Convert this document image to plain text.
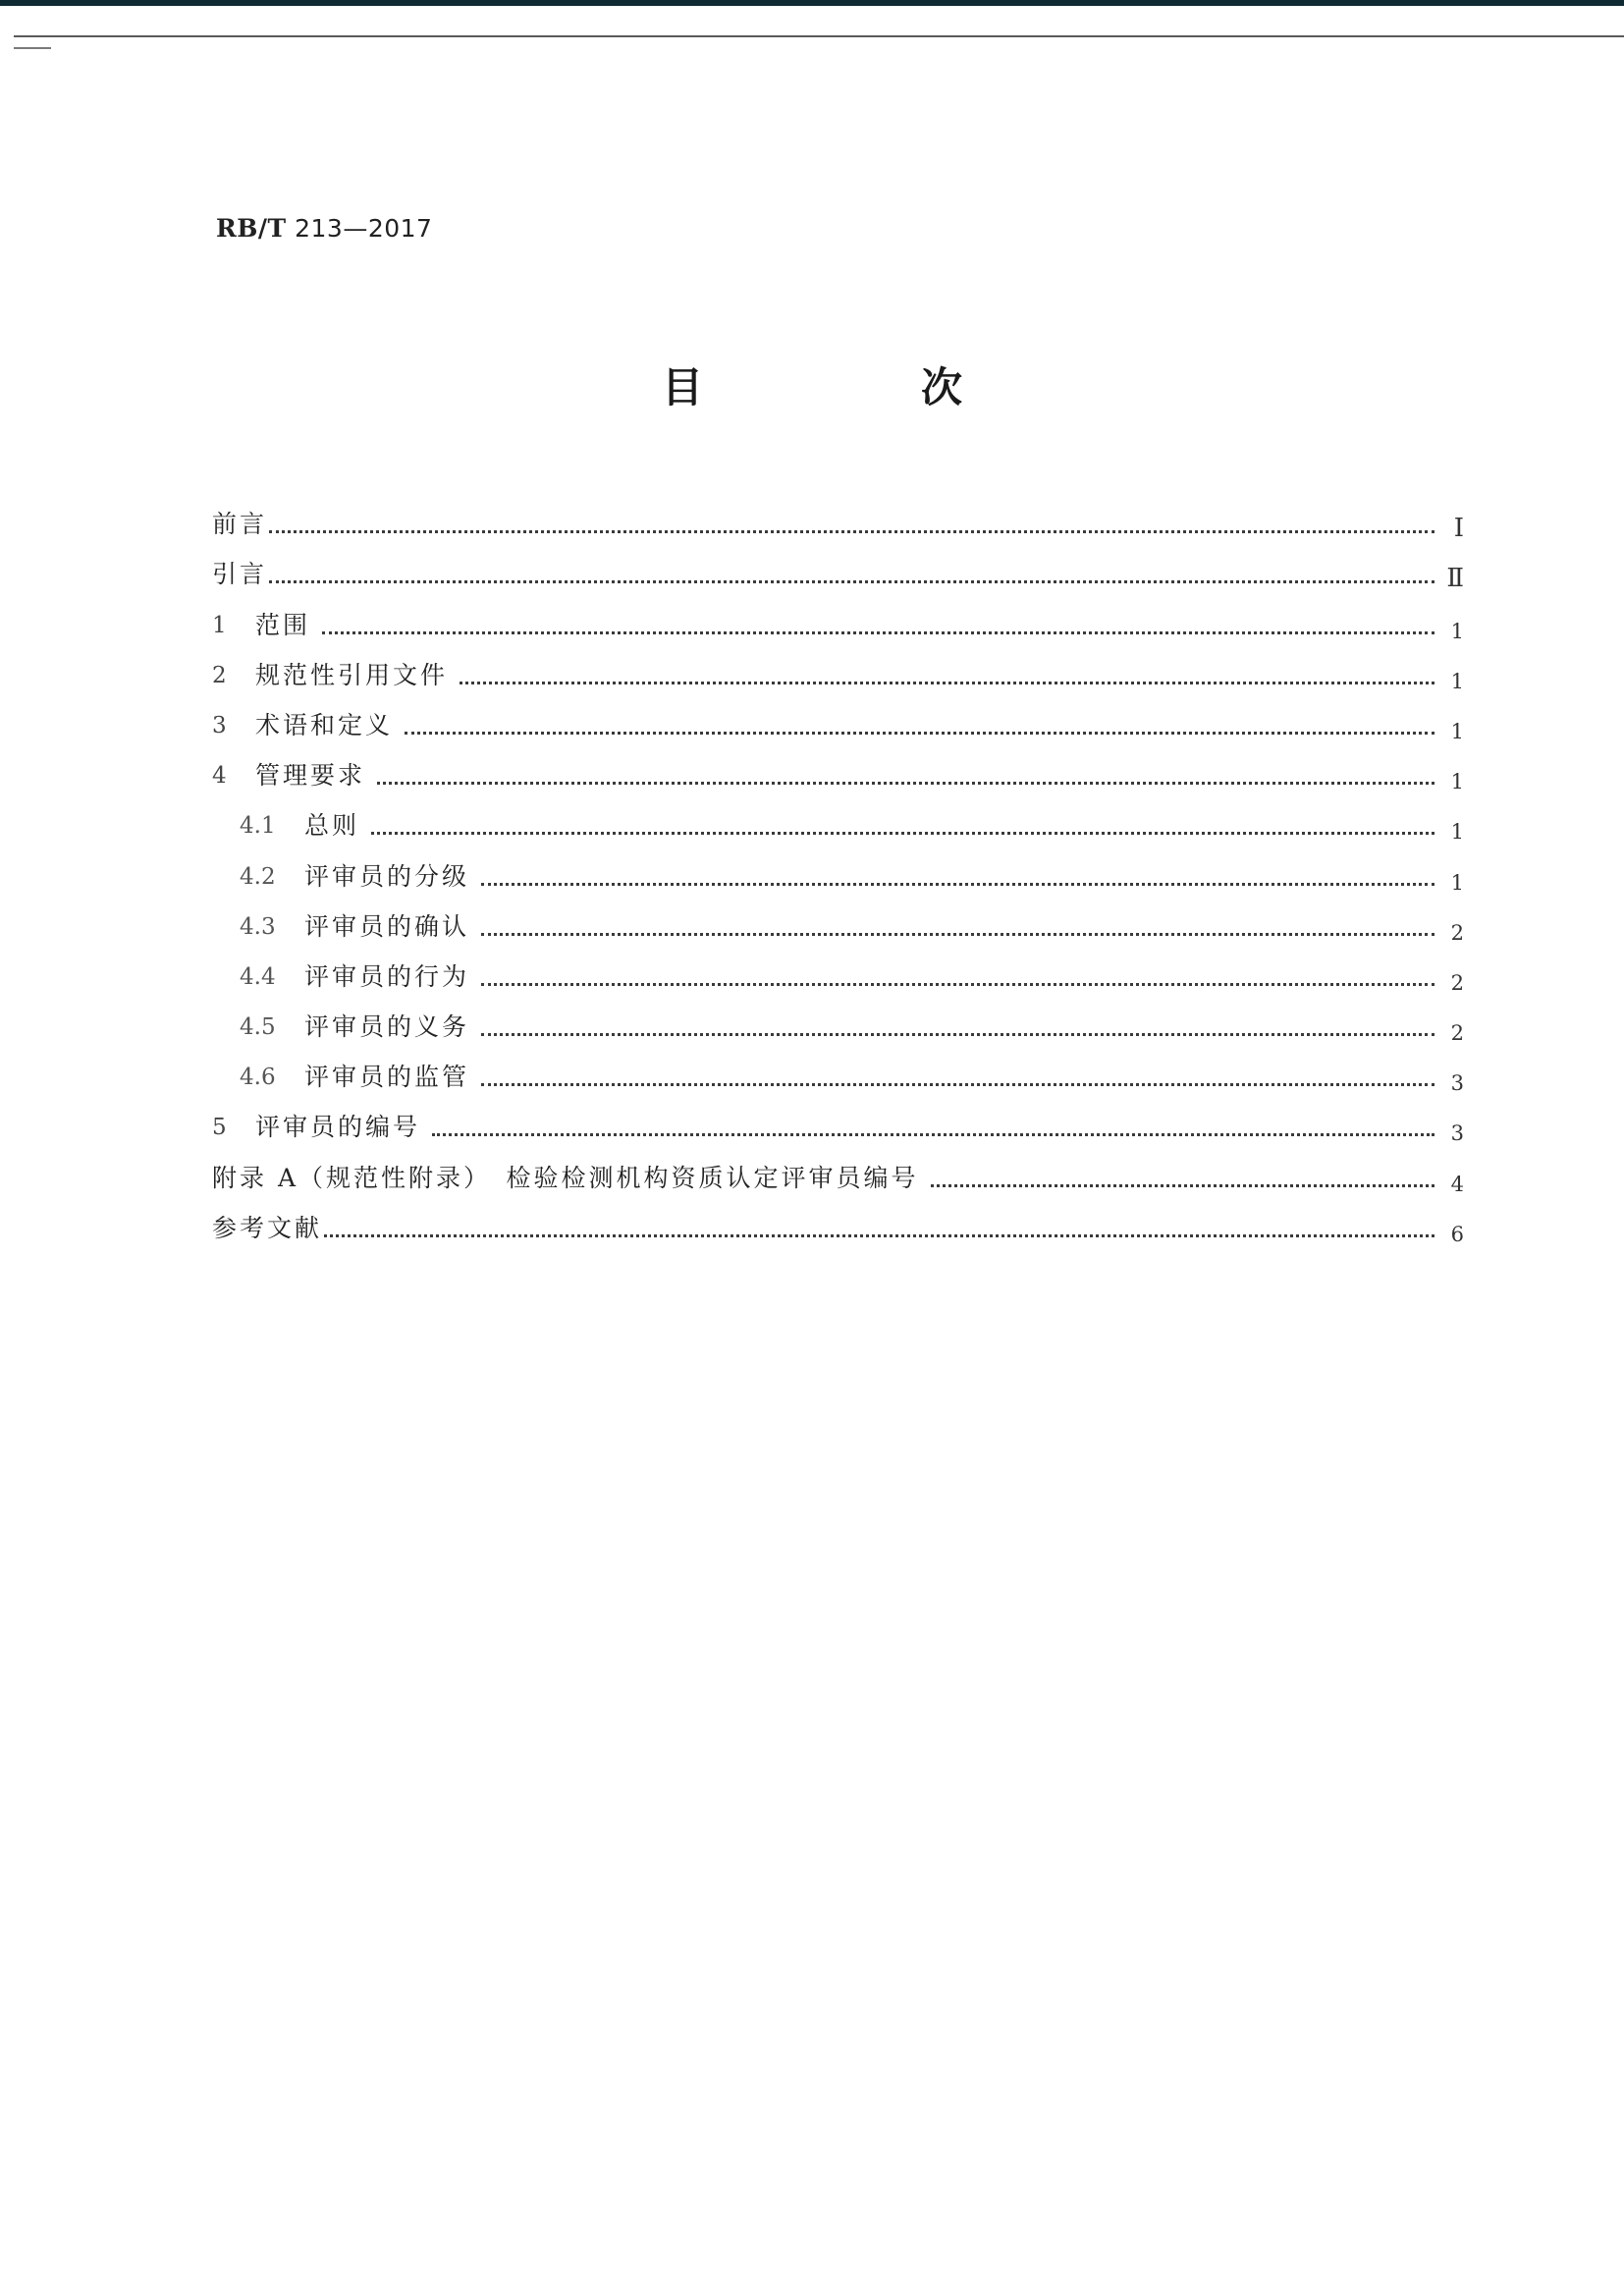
RB/T 213—2017
目　次
前言	Ⅰ
引言	Ⅱ
1	范围	1
2	规范性引用文件	1
3	术语和定义	1
4	管理要求	1
4.1	总则	1
4.2	评审员的分级	1
4.3	评审员的确认	2
4.4	评审员的行为	2
4.5	评审员的义务	2
4.6	评审员的监管	3
5	评审员的编号	3
附录 A（规范性附录）　检验检测机构资质认定评审员编号	4
参考文献	6
